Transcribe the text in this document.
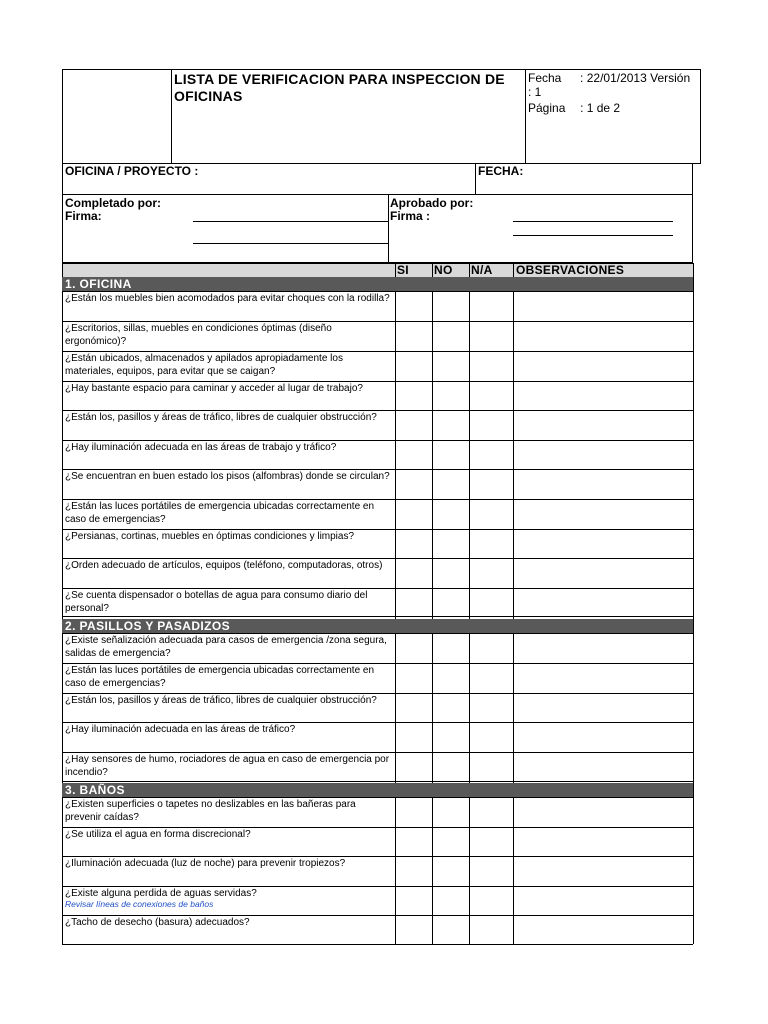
LISTA DE VERIFICACION PARA INSPECCION DE OFICINAS
Fecha : 22/01/2013 Versión
: 1
Página : 1 de 2
OFICINA / PROYECTO :	FECHA:
Completado por:
Firma:
Aprobado por:
Firma :
SI NO N/A OBSERVACIONES
1. OFICINA
¿Están los muebles bien acomodados para evitar choques con la rodilla?
¿Escritorios, sillas, muebles en condiciones óptimas (diseño ergonómico)?
¿Están ubicados, almacenados y apilados apropiadamente los materiales, equipos, para evitar que se caigan?
¿Hay bastante espacio para caminar y acceder al lugar de trabajo?
¿Están los, pasillos y áreas de tráfico, libres de cualquier obstrucción?
¿Hay iluminación adecuada en las áreas de trabajo y tráfico?
¿Se encuentran en buen estado los pisos (alfombras) donde se circulan?
¿Están las luces portátiles de emergencia ubicadas correctamente en caso de emergencias?
¿Persianas, cortinas, muebles en óptimas condiciones y limpias?
¿Orden adecuado de artículos, equipos (teléfono, computadoras, otros)
¿Se cuenta dispensador o botellas de agua para consumo diario del personal?
2. PASILLOS Y PASADIZOS
¿Existe señalización adecuada para casos de emergencia /zona segura, salidas de emergencia?
¿Están las luces portátiles de emergencia ubicadas correctamente en caso de emergencias?
¿Están los, pasillos y áreas de tráfico, libres de cualquier obstrucción?
¿Hay iluminación adecuada en las áreas de tráfico?
¿Hay sensores de humo, rociadores de agua en caso de emergencia por incendio?
3. BAÑOS
¿Existen superficies o tapetes no deslizables en las bañeras para prevenir caídas?
¿Se utiliza el agua en forma discrecional?
¿Iluminación adecuada (luz de noche) para prevenir tropiezos?
¿Existe alguna perdida de aguas servidas?
Revisar líneas de conexiones de baños
¿Tacho de desecho (basura) adecuados?
